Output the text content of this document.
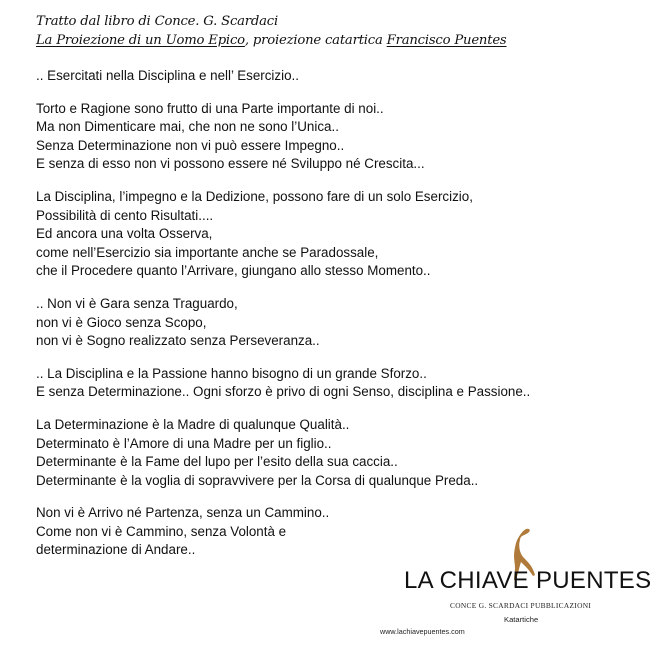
Tratto dal libro di Conce. G. Scardaci
La Proiezione di un Uomo Epico, proiezione catartica Francisco Puentes
.. Esercitati nella Disciplina e nell’ Esercizio..
Torto e Ragione sono frutto di una Parte importante di noi..
Ma non Dimenticare mai, che non ne sono l’Unica..
Senza Determinazione non vi può essere Impegno..
E senza di esso non vi possono essere né Sviluppo né Crescita...
La Disciplina, l’impegno e la Dedizione, possono fare di un solo Esercizio,
Possibilità di cento Risultati....
Ed ancora una volta Osserva,
come nell’Esercizio sia importante anche se Paradossale,
che il Procedere quanto l’Arrivare, giungano allo stesso Momento..
.. Non vi è Gara senza Traguardo,
non vi è Gioco senza Scopo,
non vi è Sogno realizzato senza Perseveranza..
.. La Disciplina e la Passione hanno bisogno di un grande Sforzo..
E senza Determinazione.. Ogni sforzo è privo di ogni Senso, disciplina e Passione..
La Determinazione è la Madre di qualunque Qualità..
Determinato è l’Amore di una Madre per un figlio..
Determinante è la Fame del lupo per l’esito della sua caccia..
Determinante è la voglia di sopravvivere per la Corsa di qualunque Preda..
Non vi è Arrivo né Partenza, senza un Cammino..
Come non vi è Cammino, senza Volontà e
determinazione di Andare..
LA CHIAVE PUENTES
CONCE G. SCARDACI PUBBLICAZIONI
Katartiche
www.lachiavepuentes.com
